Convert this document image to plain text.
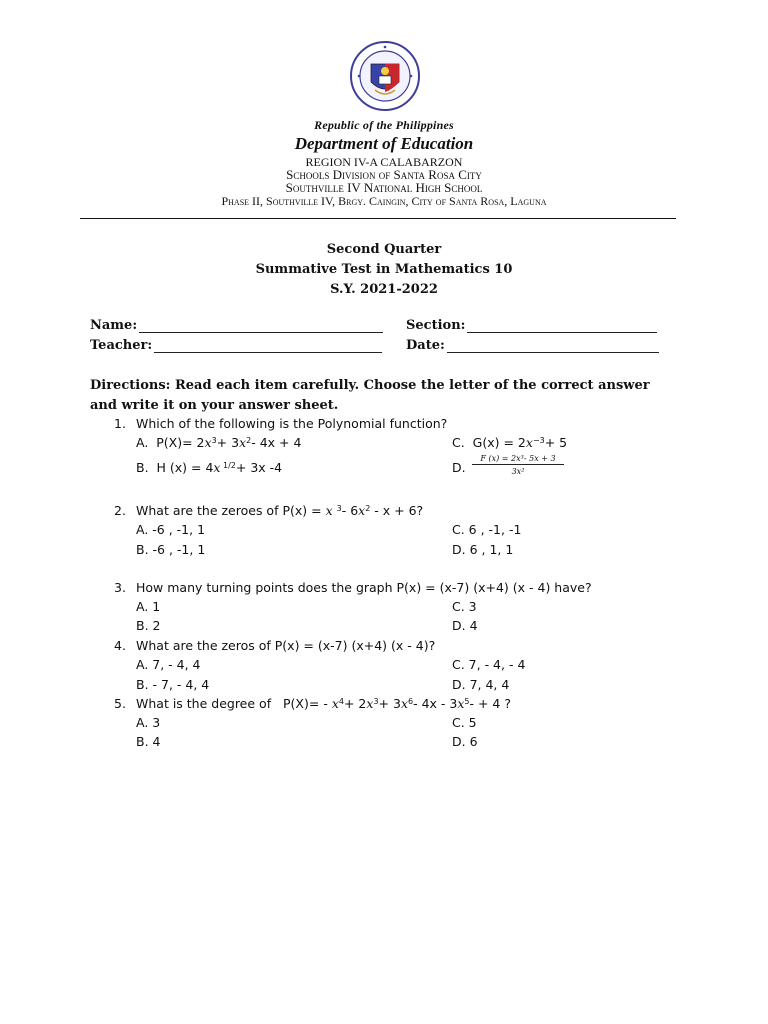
Republic of the Philippines
Department of Education
REGION IV-A CALABARZON
Schools Division of Santa Rosa City
Southville IV National High School
Phase II, Southville IV, Brgy. Caingin, City of Santa Rosa, Laguna
Second Quarter
Summative Test in Mathematics 10
S.Y. 2021-2022
Name:	Section:
Teacher:	Date:
Directions: Read each item carefully. Choose the letter of the correct answer and write it on your answer sheet.
1. Which of the following is the Polynomial function?
A.  $P(X)= 2x^3+ 3x^2-$ 4x + 4	C.  $G(x) = 2x^{-3}+ 5$
B.  H (x) = 4x $^{1/2}$+ 3x -4	D. $\frac{\text{F (x) = 2x³- 5x + 3}}{\text{3x²}}$
2. What are the zeroes of P(x) = x $^3$- $6x^2 - x + 6$?
A. -6 , -1, 1	C. 6 , -1, -1
B. -6 , -1, 1	D. 6 , 1, 1
3. How many turning points does the graph P(x) = (x-7) (x+4) (x - 4) have?
A. 1	C. 3
B. 2	D. 4
4. What are the zeros of P(x) = (x-7) (x+4) (x - 4)?
A. 7, - 4, 4	C. 7, - 4, - 4
B. - 7, - 4, 4	D. 7, 4, 4
5. What is the degree of   $P(X)= - x^4+ 2x^3+ 3x^6-$ $4x - 3x^5- + 4$ ?
A. 3	C. 5
B. 4	D. 6
